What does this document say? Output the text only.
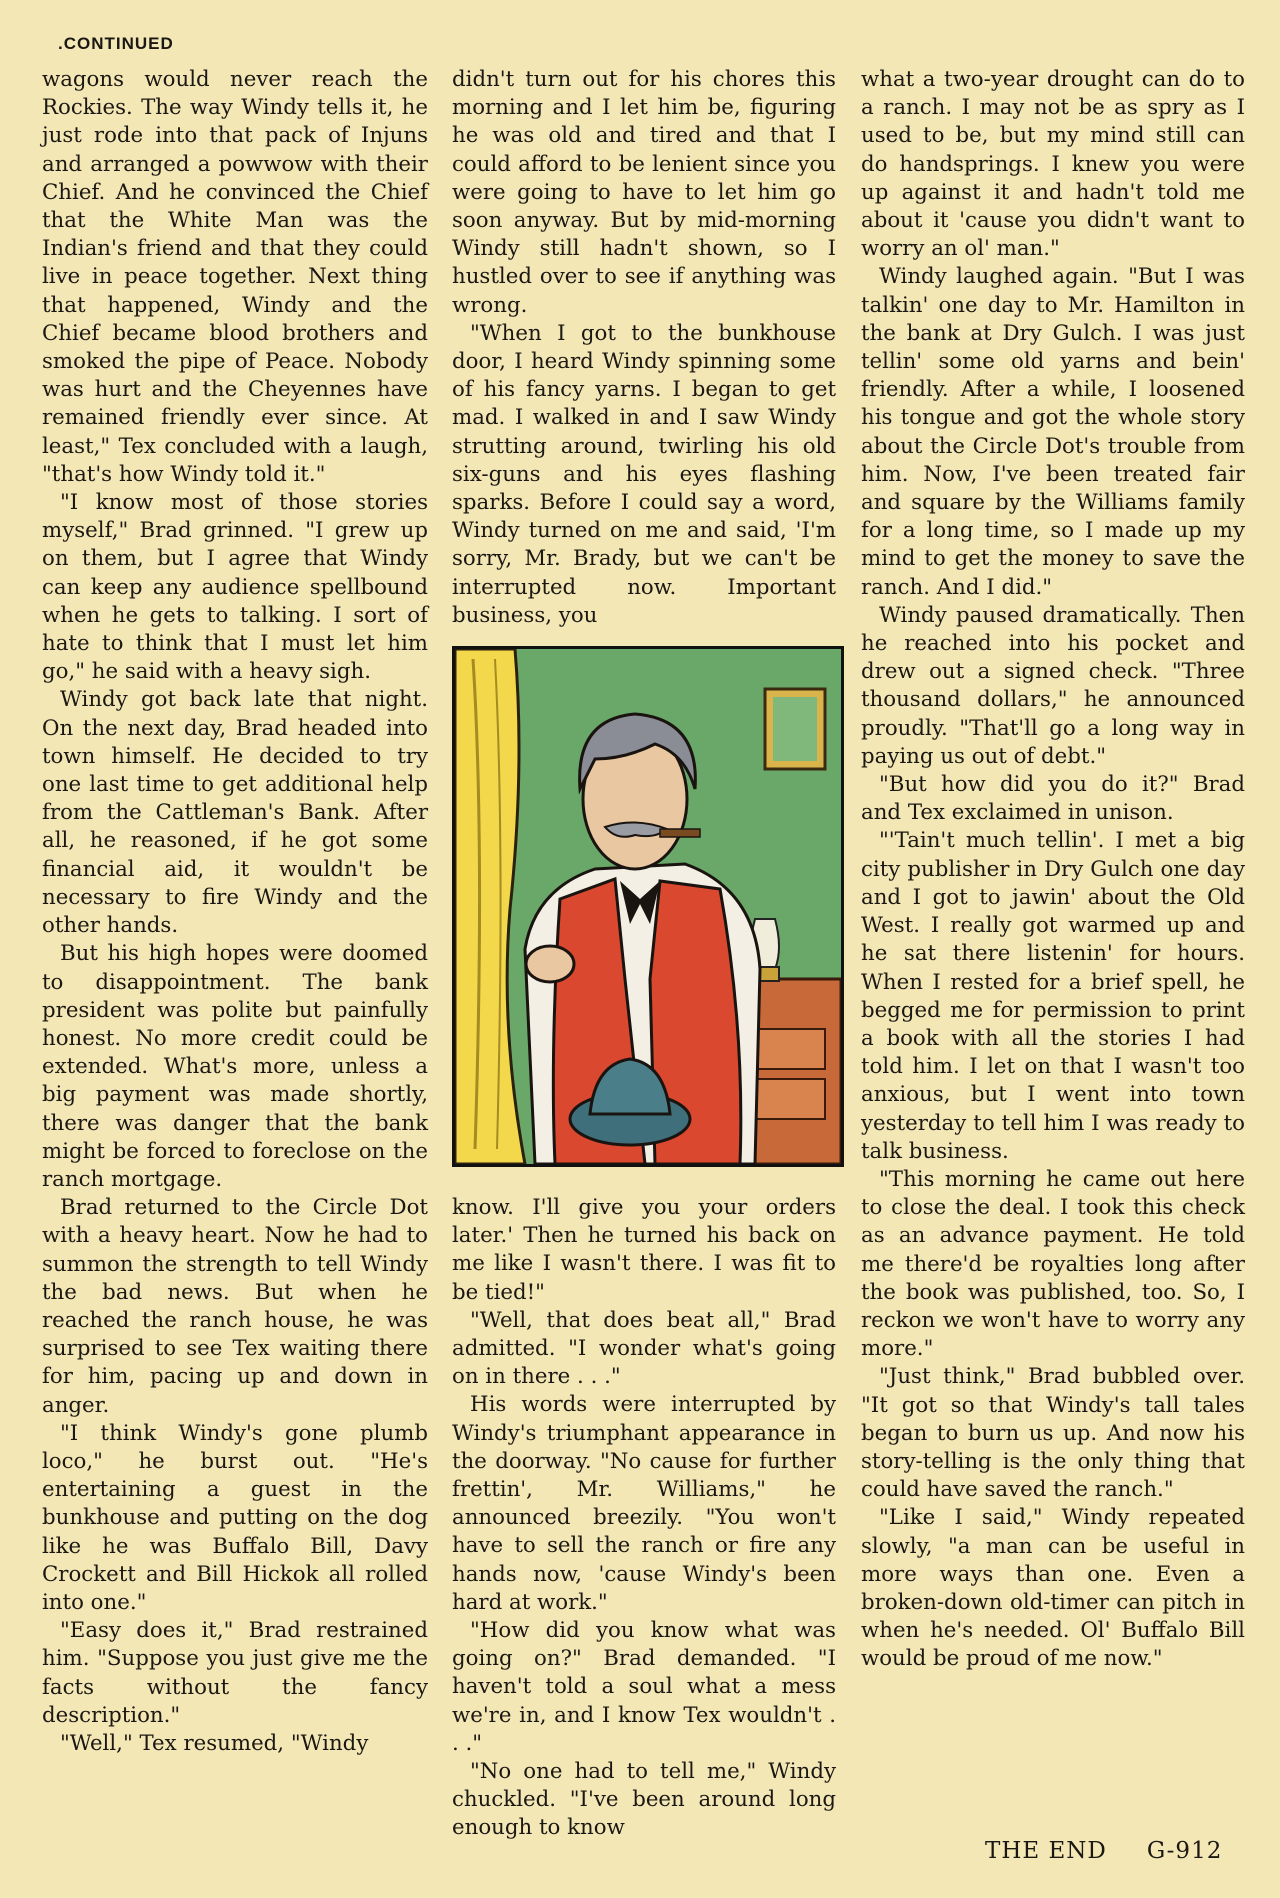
.CONTINUED

wagons would never reach the Rockies. The way Windy tells it, he just rode into that pack of Injuns and arranged a powwow with their Chief. And he convinced the Chief that the White Man was the Indian's friend and that they could live in peace together. Next thing that happened, Windy and the Chief became blood brothers and smoked the pipe of Peace. Nobody was hurt and the Cheyennes have remained friendly ever since. At least," Tex concluded with a laugh, "that's how Windy told it."

"I know most of those stories myself," Brad grinned. "I grew up on them, but I agree that Windy can keep any audience spellbound when he gets to talking. I sort of hate to think that I must let him go," he said with a heavy sigh.

Windy got back late that night. On the next day, Brad headed into town himself. He decided to try one last time to get additional help from the Cattleman's Bank. After all, he reasoned, if he got some financial aid, it wouldn't be necessary to fire Windy and the other hands.

But his high hopes were doomed to disappointment. The bank president was polite but painfully honest. No more credit could be extended. What's more, unless a big payment was made shortly, there was danger that the bank might be forced to foreclose on the ranch mortgage.

Brad returned to the Circle Dot with a heavy heart. Now he had to summon the strength to tell Windy the bad news. But when he reached the ranch house, he was surprised to see Tex waiting there for him, pacing up and down in anger.

"I think Windy's gone plumb loco," he burst out. "He's entertaining a guest in the bunkhouse and putting on the dog like he was Buffalo Bill, Davy Crockett and Bill Hickok all rolled into one."

"Easy does it," Brad restrained him. "Suppose you just give me the facts without the fancy description."

"Well," Tex resumed, "Windy

didn't turn out for his chores this morning and I let him be, figuring he was old and tired and that I could afford to be lenient since you were going to have to let him go soon anyway. But by mid-morning Windy still hadn't shown, so I hustled over to see if anything was wrong.

"When I got to the bunkhouse door, I heard Windy spinning some of his fancy yarns. I began to get mad. I walked in and I saw Windy strutting around, twirling his old six-guns and his eyes flashing sparks. Before I could say a word, Windy turned on me and said, 'I'm sorry, Mr. Brady, but we can't be interrupted now. Important business, you

know. I'll give you your orders later.' Then he turned his back on me like I wasn't there. I was fit to be tied!"

"Well, that does beat all," Brad admitted. "I wonder what's going on in there . . ."

His words were interrupted by Windy's triumphant appearance in the doorway. "No cause for further frettin', Mr. Williams," he announced breezily. "You won't have to sell the ranch or fire any hands now, 'cause Windy's been hard at work."

"How did you know what was going on?" Brad demanded. "I haven't told a soul what a mess we're in, and I know Tex wouldn't . . ."

"No one had to tell me," Windy chuckled. "I've been around long enough to know

what a two-year drought can do to a ranch. I may not be as spry as I used to be, but my mind still can do handsprings. I knew you were up against it and hadn't told me about it 'cause you didn't want to worry an ol' man."

Windy laughed again. "But I was talkin' one day to Mr. Hamilton in the bank at Dry Gulch. I was just tellin' some old yarns and bein' friendly. After a while, I loosened his tongue and got the whole story about the Circle Dot's trouble from him. Now, I've been treated fair and square by the Williams family for a long time, so I made up my mind to get the money to save the ranch. And I did."

Windy paused dramatically. Then he reached into his pocket and drew out a signed check. "Three thousand dollars," he announced proudly. "That'll go a long way in paying us out of debt."

"But how did you do it?" Brad and Tex exclaimed in unison.

"'Tain't much tellin'. I met a big city publisher in Dry Gulch one day and I got to jawin' about the Old West. I really got warmed up and he sat there listenin' for hours. When I rested for a brief spell, he begged me for permission to print a book with all the stories I had told him. I let on that I wasn't too anxious, but I went into town yesterday to tell him I was ready to talk business.

"This morning he came out here to close the deal. I took this check as an advance payment. He told me there'd be royalties long after the book was published, too. So, I reckon we won't have to worry any more."

"Just think," Brad bubbled over. "It got so that Windy's tall tales began to burn us up. And now his story-telling is the only thing that could have saved the ranch."

"Like I said," Windy repeated slowly, "a man can be useful in more ways than one. Even a broken-down old-timer can pitch in when he's needed. Ol' Buffalo Bill would be proud of me now."

THE END G-912
